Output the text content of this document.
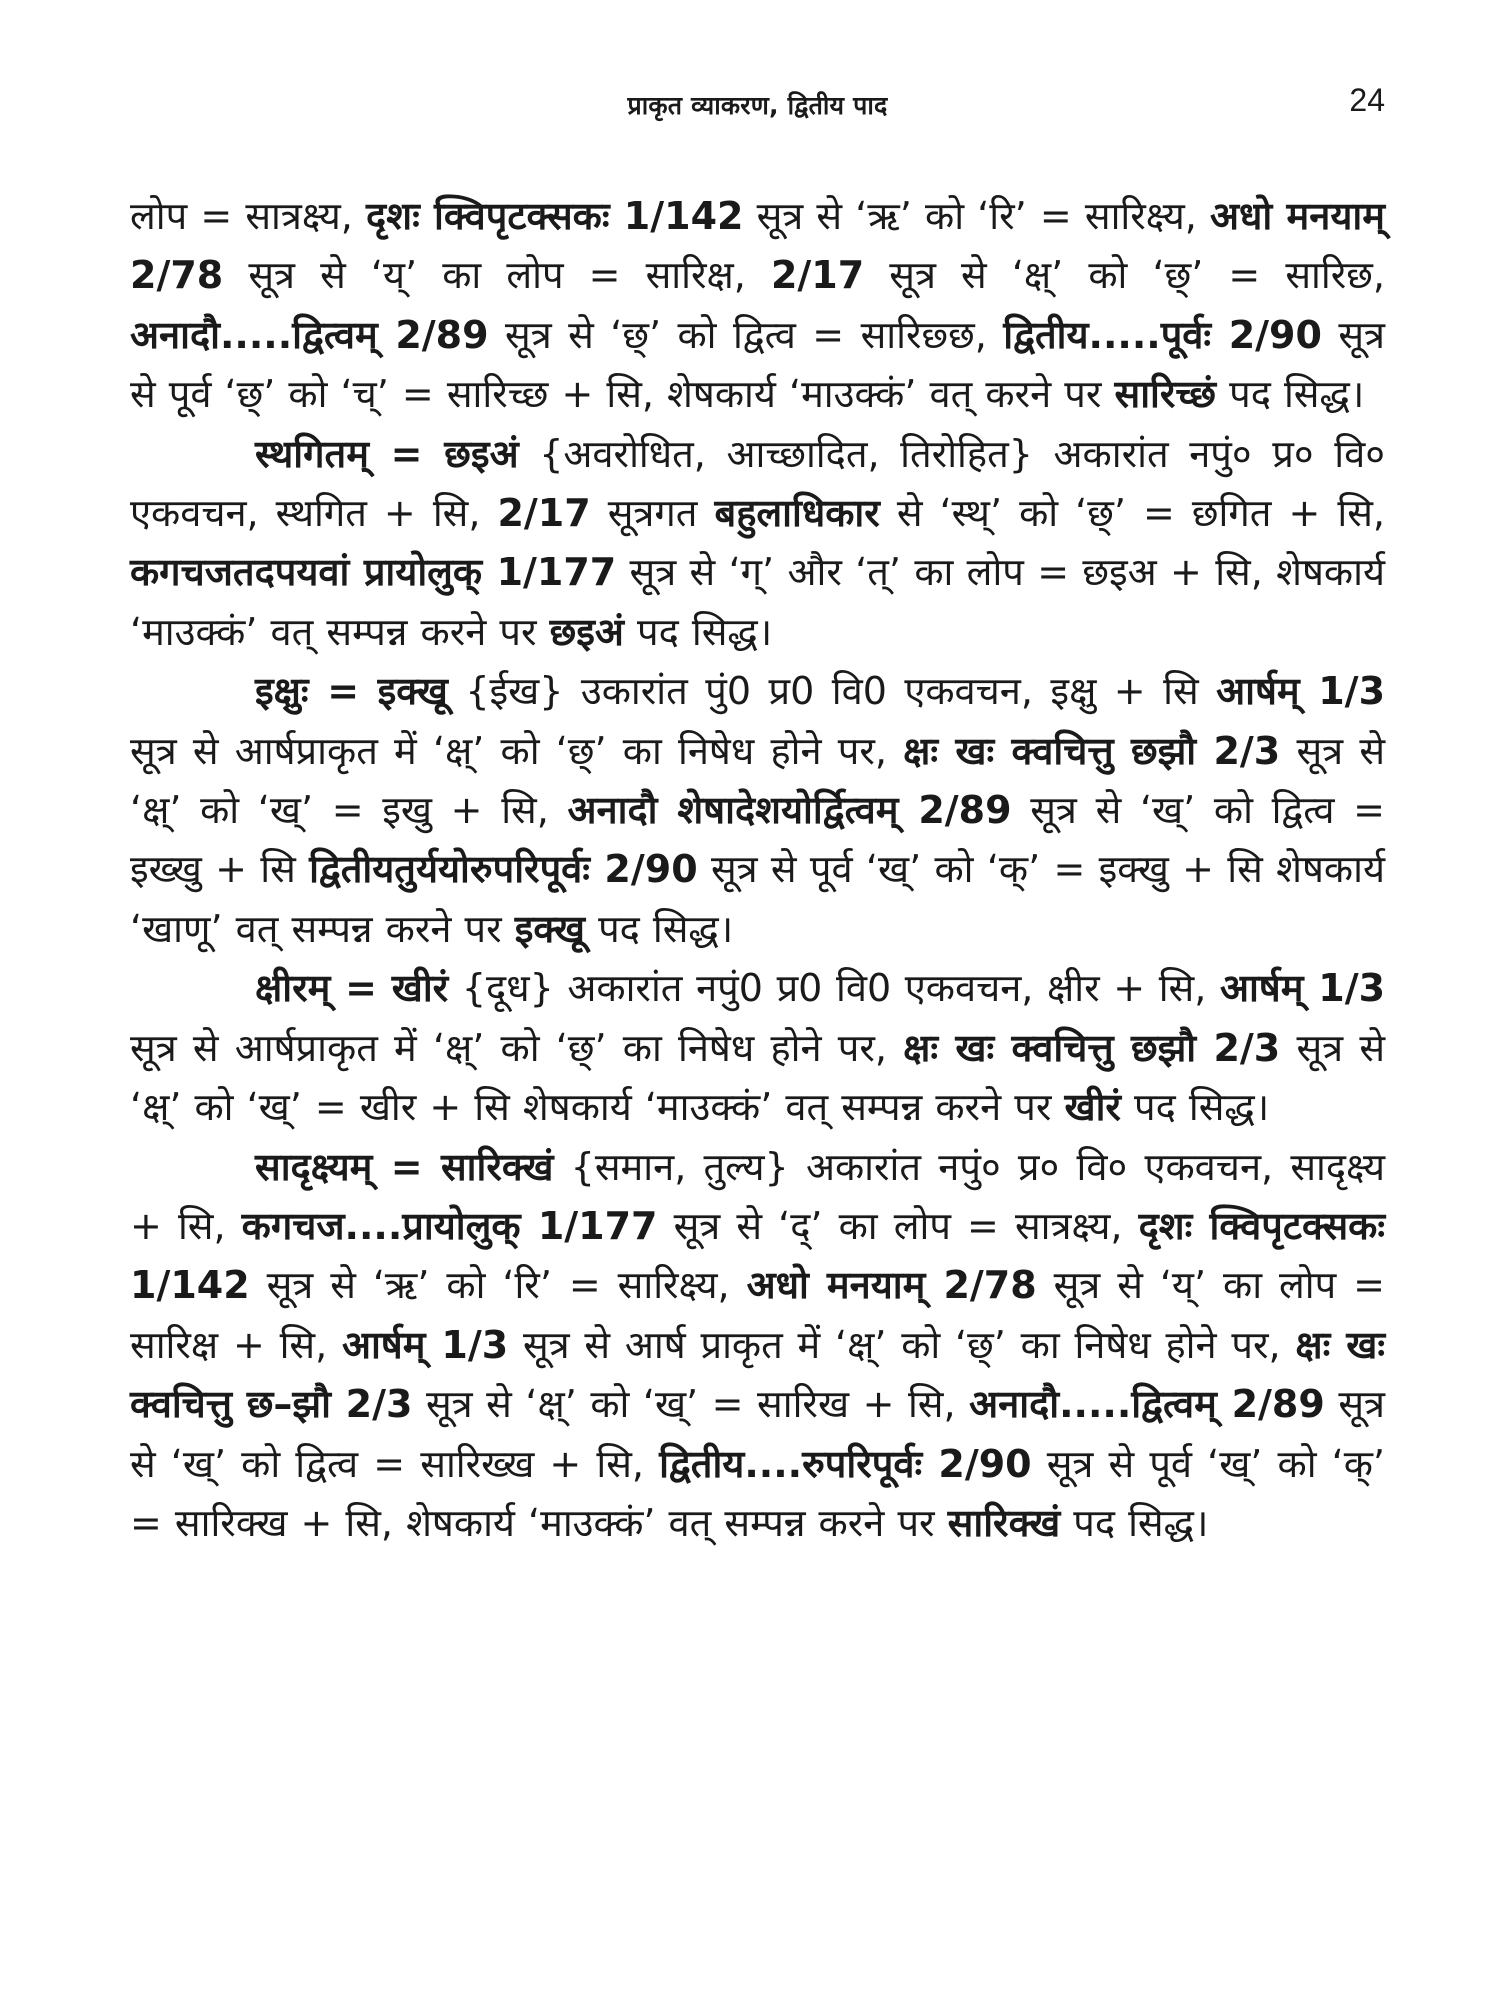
प्राकृत व्याकरण, द्वितीय पाद	24

लोप = सात्रक्ष्य, दृशः क्विपृटक्सकः 1/142 सूत्र से ‘ऋ’ को ‘रि’ = सारिक्ष्य, अधो मनयाम् 2/78 सूत्र से ‘य्’ का लोप = सारिक्ष, 2/17 सूत्र से ‘क्ष्’ को ‘छ्’ = सारिछ, अनादौ.....द्वित्वम् 2/89 सूत्र से ‘छ्’ को द्वित्व = सारिछ्छ, द्वितीय.....पूर्वः 2/90 सूत्र से पूर्व ‘छ्’ को ‘च्’ = सारिच्छ + सि, शेषकार्य ‘माउक्कं’ वत् करने पर सारिच्छं पद सिद्ध।

स्थगितम् = छइअं {अवरोधित, आच्छादित, तिरोहित} अकारांत नपुं० प्र० वि० एकवचन, स्थगित + सि, 2/17 सूत्रगत बहुलाधिकार से ‘स्थ्’ को ‘छ्’ = छगित + सि, कगचजतदपयवां प्रायोलुक् 1/177 सूत्र से ‘ग्’ और ‘त्’ का लोप = छइअ + सि, शेषकार्य ‘माउक्कं’ वत् सम्पन्न करने पर छइअं पद सिद्ध।

इक्षुः = इक्खू {ईख} उकारांत पुं0 प्र0 वि0 एकवचन, इक्षु + सि आर्षम् 1/3 सूत्र से आर्षप्राकृत में ‘क्ष्’ को ‘छ्’ का निषेध होने पर, क्षः खः क्वचित्तु छझौ 2/3 सूत्र से ‘क्ष्’ को ‘ख्’ = इखु + सि, अनादौ शेषादेशयोर्द्वित्वम् 2/89 सूत्र से ‘ख्’ को द्वित्व = इख्खु + सि द्वितीयतुर्ययोरुपरिपूर्वः 2/90 सूत्र से पूर्व ‘ख्’ को ‘क्’ = इक्खु + सि शेषकार्य ‘खाणू’ वत् सम्पन्न करने पर इक्खू पद सिद्ध।

क्षीरम् = खीरं {दूध} अकारांत नपुं0 प्र0 वि0 एकवचन, क्षीर + सि, आर्षम् 1/3 सूत्र से आर्षप्राकृत में ‘क्ष्’ को ‘छ्’ का निषेध होने पर, क्षः खः क्वचित्तु छझौ 2/3 सूत्र से ‘क्ष्’ को ‘ख्’ = खीर + सि शेषकार्य ‘माउक्कं’ वत् सम्पन्न करने पर खीरं पद सिद्ध।

सादृक्ष्यम् = सारिक्खं {समान, तुल्य} अकारांत नपुं० प्र० वि० एकवचन, सादृक्ष्य + सि, कगचज....प्रायोलुक् 1/177 सूत्र से ‘द्’ का लोप = सात्रक्ष्य, दृशः क्विपृटक्सकः 1/142 सूत्र से ‘ऋ’ को ‘रि’ = सारिक्ष्य, अधो मनयाम् 2/78 सूत्र से ‘य्’ का लोप = सारिक्ष + सि, आर्षम् 1/3 सूत्र से आर्ष प्राकृत में ‘क्ष्’ को ‘छ्’ का निषेध होने पर, क्षः खः क्वचित्तु छ–झौ 2/3 सूत्र से ‘क्ष्’ को ‘ख्’ = सारिख + सि, अनादौ.....द्वित्वम् 2/89 सूत्र से ‘ख्’ को द्वित्व = सारिख्ख + सि, द्वितीय....रुपरिपूर्वः 2/90 सूत्र से पूर्व ‘ख्’ को ‘क्’ = सारिक्ख + सि, शेषकार्य ‘माउक्कं’ वत् सम्पन्न करने पर सारिक्खं पद सिद्ध।
